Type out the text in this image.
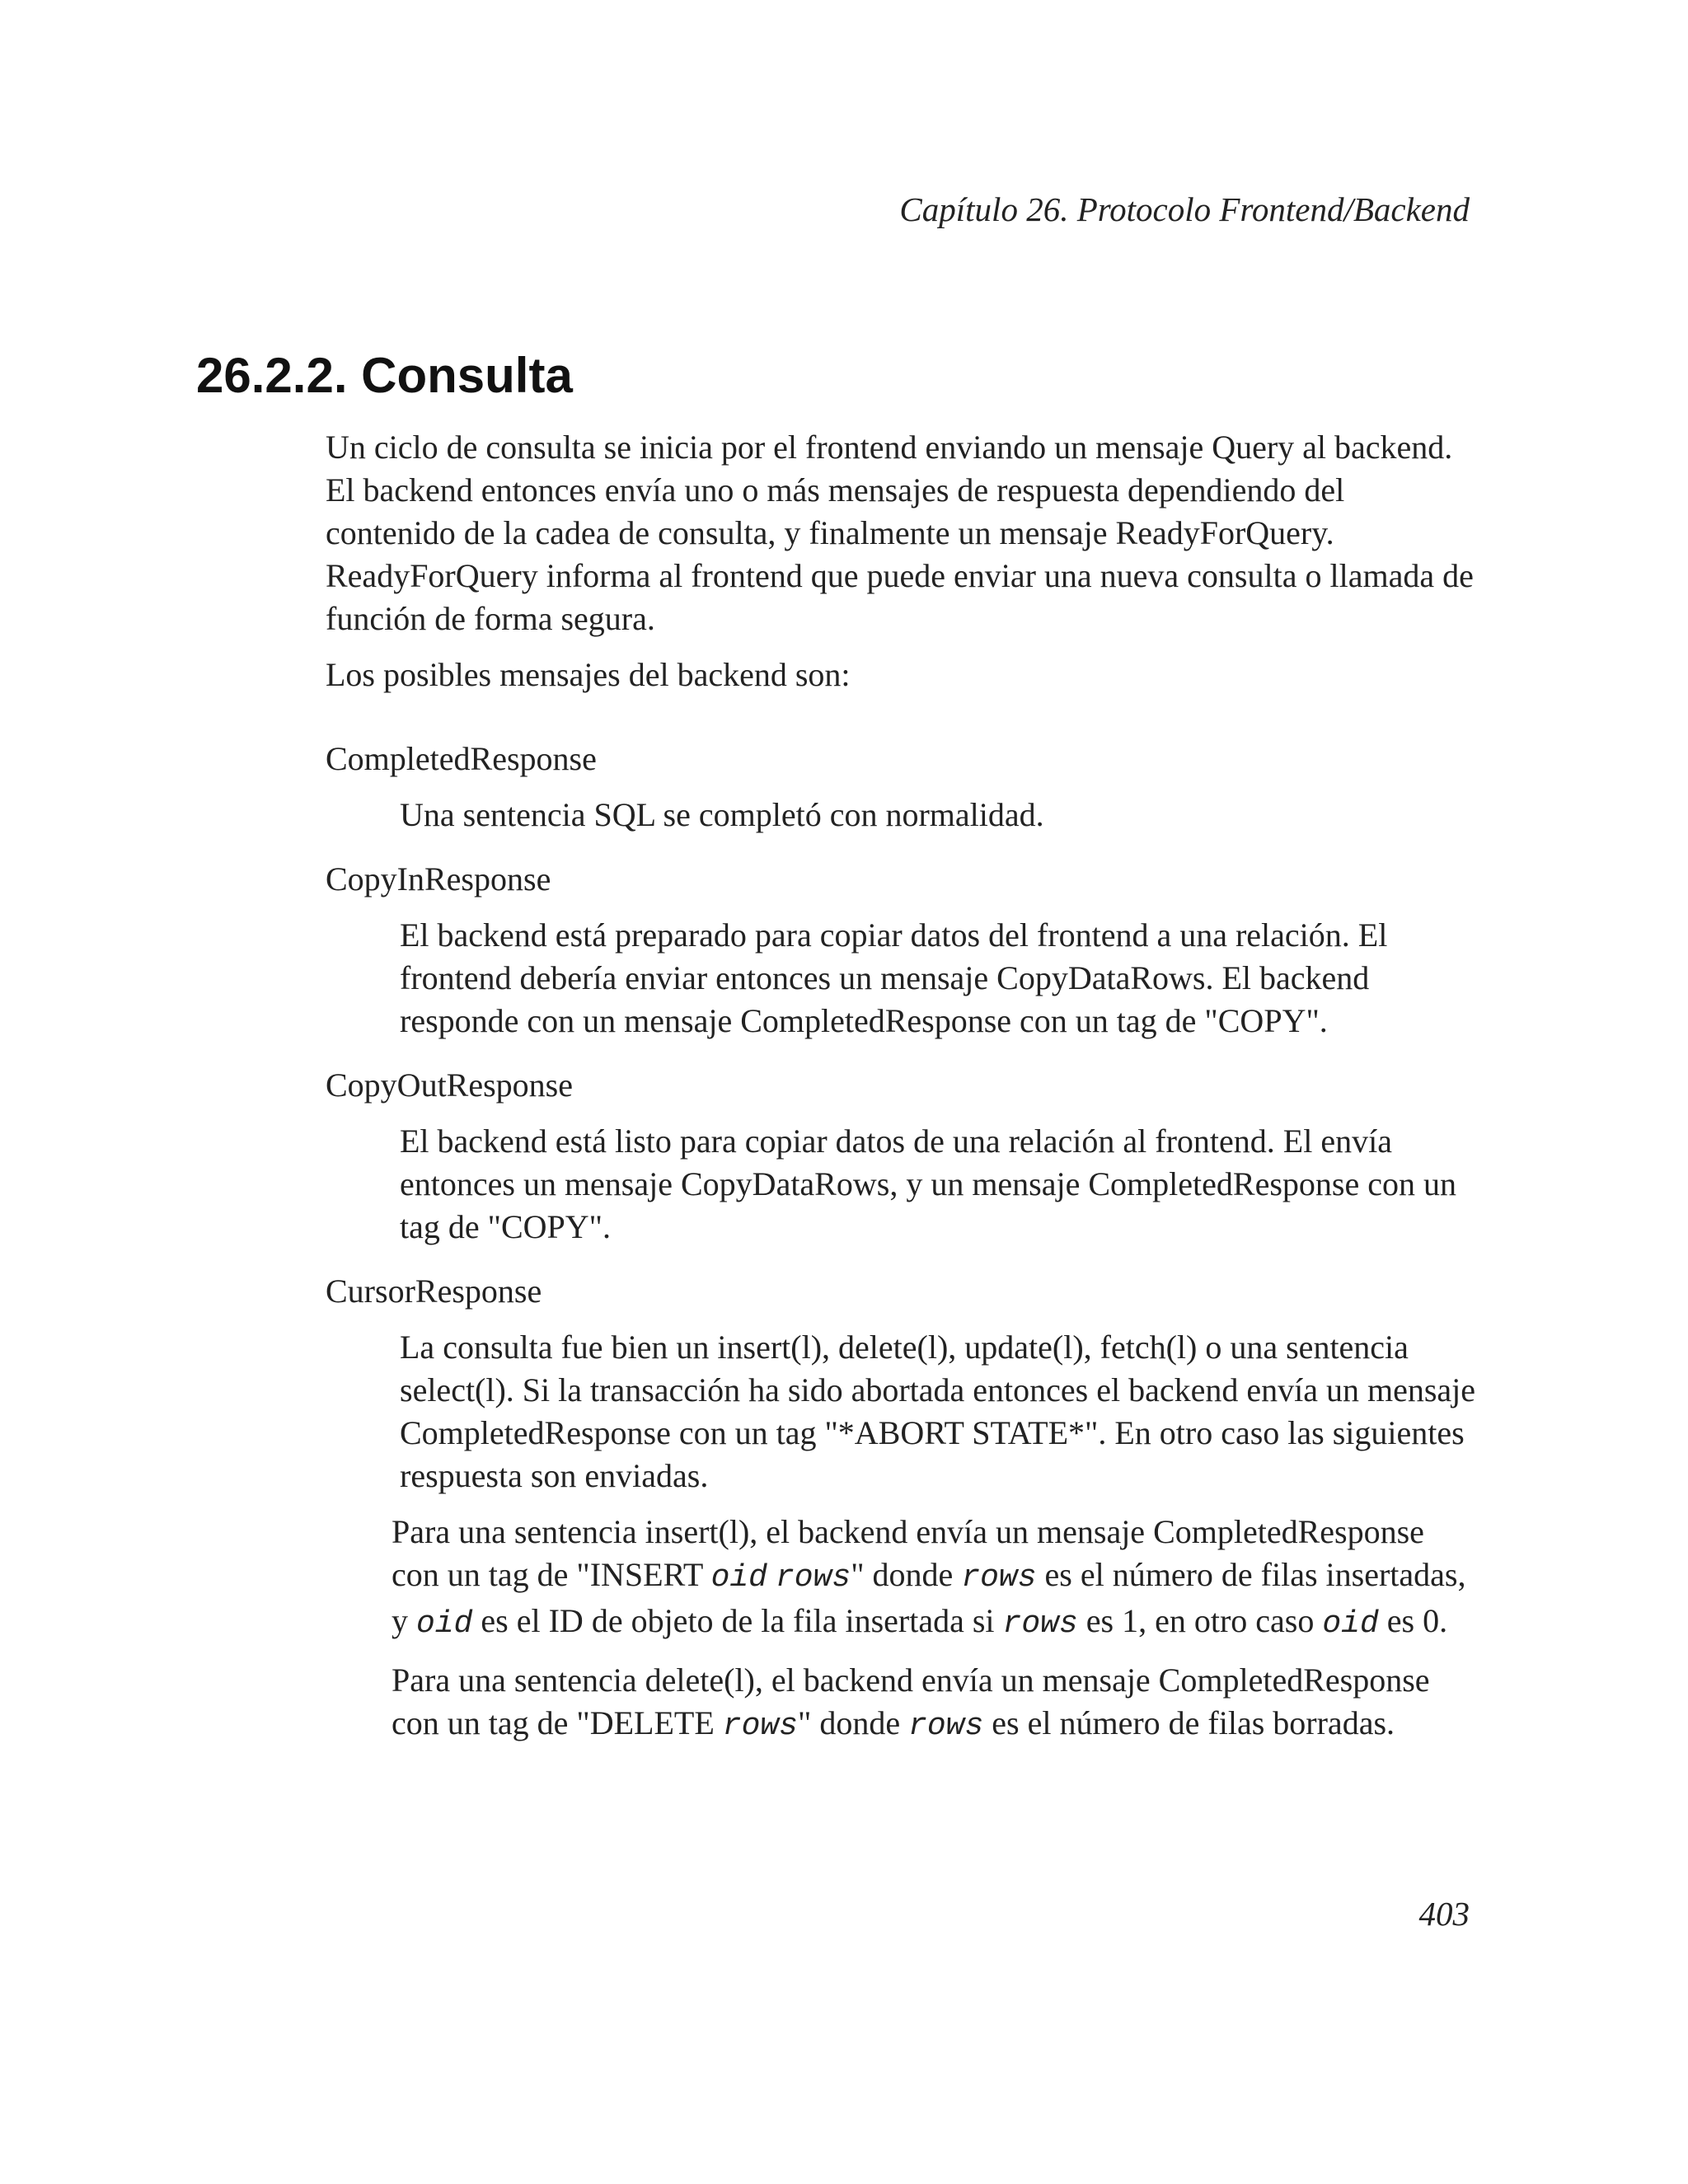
Capítulo 26. Protocolo Frontend/Backend

26.2.2. Consulta

Un ciclo de consulta se inicia por el frontend enviando un mensaje Query al backend. El backend entonces envía uno o más mensajes de respuesta dependiendo del contenido de la cadea de consulta, y finalmente un mensaje ReadyForQuery. ReadyForQuery informa al frontend que puede enviar una nueva consulta o llamada de función de forma segura.

Los posibles mensajes del backend son:

CompletedResponse

Una sentencia SQL se completó con normalidad.

CopyInResponse

El backend está preparado para copiar datos del frontend a una relación. El frontend debería enviar entonces un mensaje CopyDataRows. El backend responde con un mensaje CompletedResponse con un tag de "COPY".

CopyOutResponse

El backend está listo para copiar datos de una relación al frontend. El envía entonces un mensaje CopyDataRows, y un mensaje CompletedResponse con un tag de "COPY".

CursorResponse

La consulta fue bien un insert(l), delete(l), update(l), fetch(l) o una sentencia select(l). Si la transacción ha sido abortada entonces el backend envía un mensaje CompletedResponse con un tag "*ABORT STATE*". En otro caso las siguientes respuesta son enviadas.

Para una sentencia insert(l), el backend envía un mensaje CompletedResponse con un tag de "INSERT oid rows" donde rows es el número de filas insertadas, y oid es el ID de objeto de la fila insertada si rows es 1, en otro caso oid es 0.

Para una sentencia delete(l), el backend envía un mensaje CompletedResponse con un tag de "DELETE rows" donde rows es el número de filas borradas.

403
